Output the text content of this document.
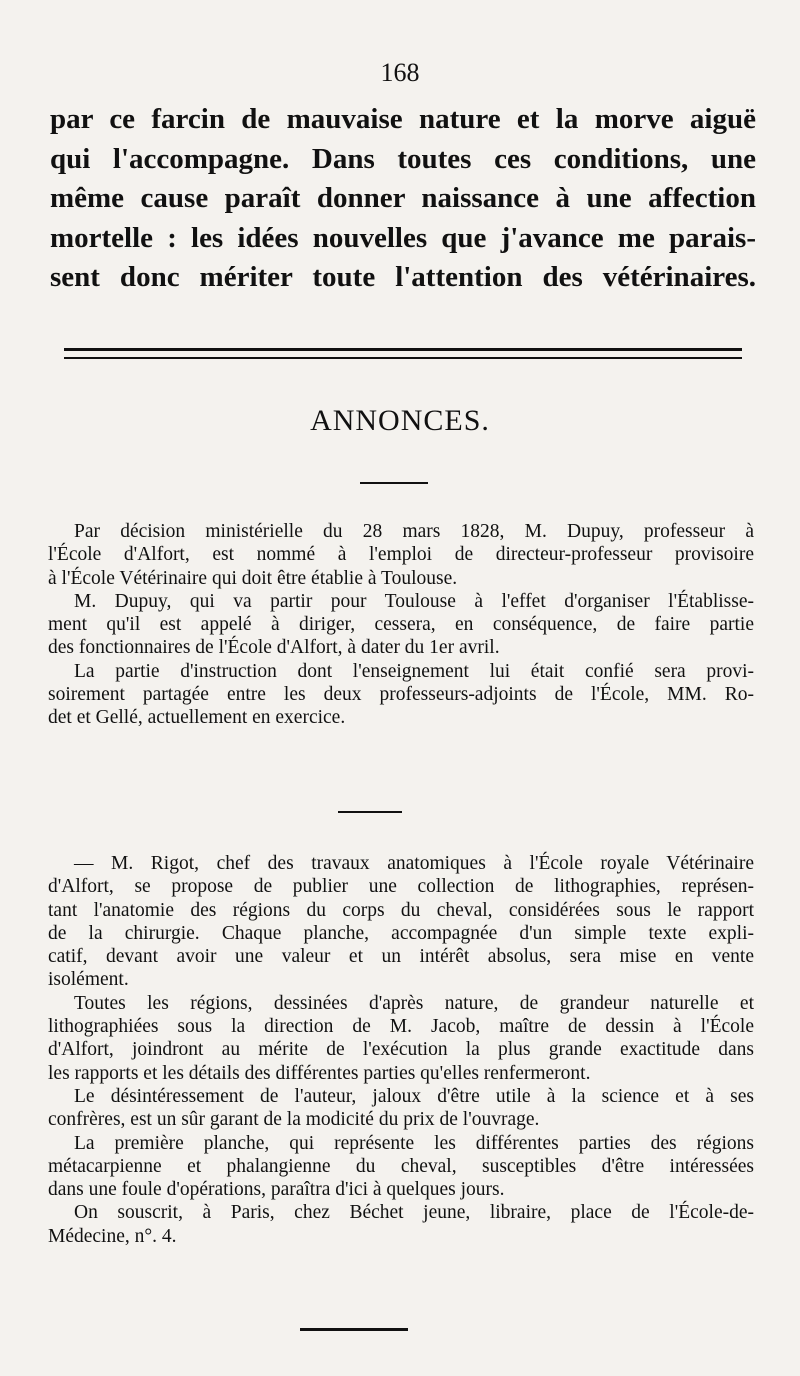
168
par ce farcin de mauvaise nature et la morve aiguë
qui l'accompagne. Dans toutes ces conditions, une
même cause paraît donner naissance à une affection
mortelle : les idées nouvelles que j'avance me parais-
sent donc mériter toute l'attention des vétérinaires.
ANNONCES.
Par décision ministérielle du 28 mars 1828, M. Dupuy, professeur à
l'École d'Alfort, est nommé à l'emploi de directeur-professeur provisoire
à l'École Vétérinaire qui doit être établie à Toulouse.
M. Dupuy, qui va partir pour Toulouse à l'effet d'organiser l'Établisse-
ment qu'il est appelé à diriger, cessera, en conséquence, de faire partie
des fonctionnaires de l'École d'Alfort, à dater du 1er avril.
La partie d'instruction dont l'enseignement lui était confié sera provi-
soirement partagée entre les deux professeurs-adjoints de l'École, MM. Ro-
det et Gellé, actuellement en exercice.
— M. Rigot, chef des travaux anatomiques à l'École royale Vétérinaire
d'Alfort, se propose de publier une collection de lithographies, représen-
tant l'anatomie des régions du corps du cheval, considérées sous le rapport
de la chirurgie. Chaque planche, accompagnée d'un simple texte expli-
catif, devant avoir une valeur et un intérêt absolus, sera mise en vente
isolément.
Toutes les régions, dessinées d'après nature, de grandeur naturelle et
lithographiées sous la direction de M. Jacob, maître de dessin à l'École
d'Alfort, joindront au mérite de l'exécution la plus grande exactitude dans
les rapports et les détails des différentes parties qu'elles renfermeront.
Le désintéressement de l'auteur, jaloux d'être utile à la science et à ses
confrères, est un sûr garant de la modicité du prix de l'ouvrage.
La première planche, qui représente les différentes parties des régions
métacarpienne et phalangienne du cheval, susceptibles d'être intéressées
dans une foule d'opérations, paraîtra d'ici à quelques jours.
On souscrit, à Paris, chez Béchet jeune, libraire, place de l'École-de-
Médecine, n°. 4.
